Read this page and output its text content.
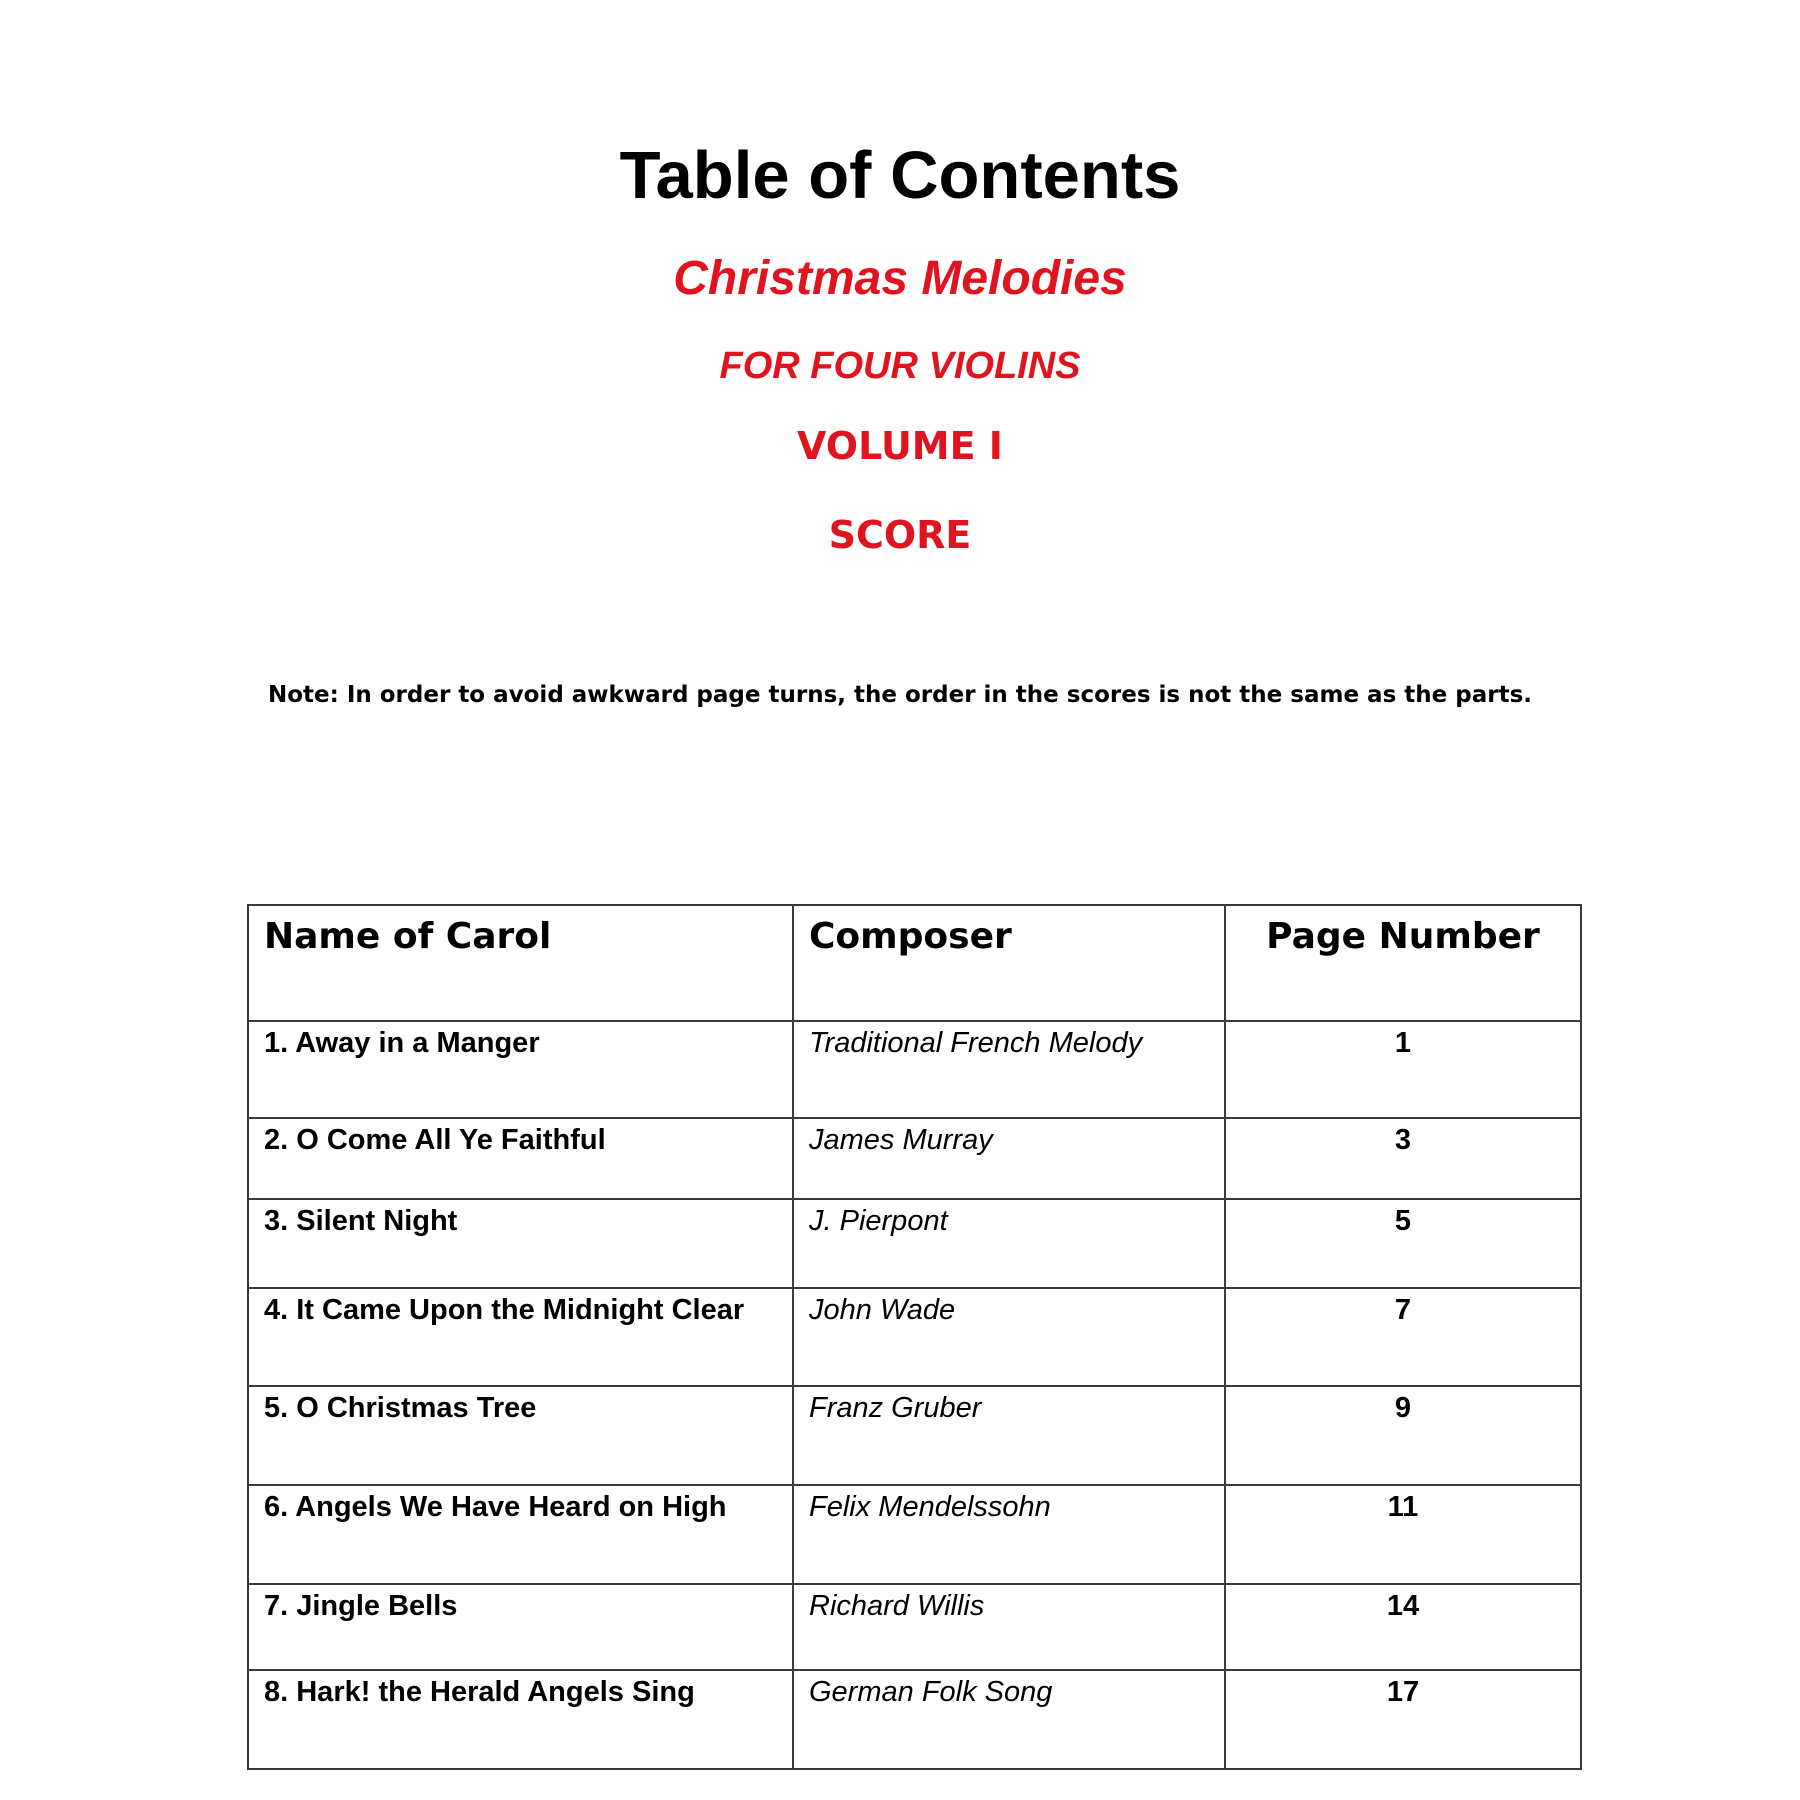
Table of Contents
Christmas Melodies
FOR FOUR VIOLINS
VOLUME I
SCORE
Note: In order to avoid awkward page turns, the order in the scores is not the same as the parts.
Name of Carol	Composer	Page Number
1. Away in a Manger	Traditional French Melody	1
2. O Come All Ye Faithful	James Murray	3
3. Silent Night	J. Pierpont	5
4. It Came Upon the Midnight Clear	John Wade	7
5. O Christmas Tree	Franz Gruber	9
6. Angels We Have Heard on High	Felix Mendelssohn	11
7. Jingle Bells	Richard Willis	14
8. Hark! the Herald Angels Sing	German Folk Song	17
